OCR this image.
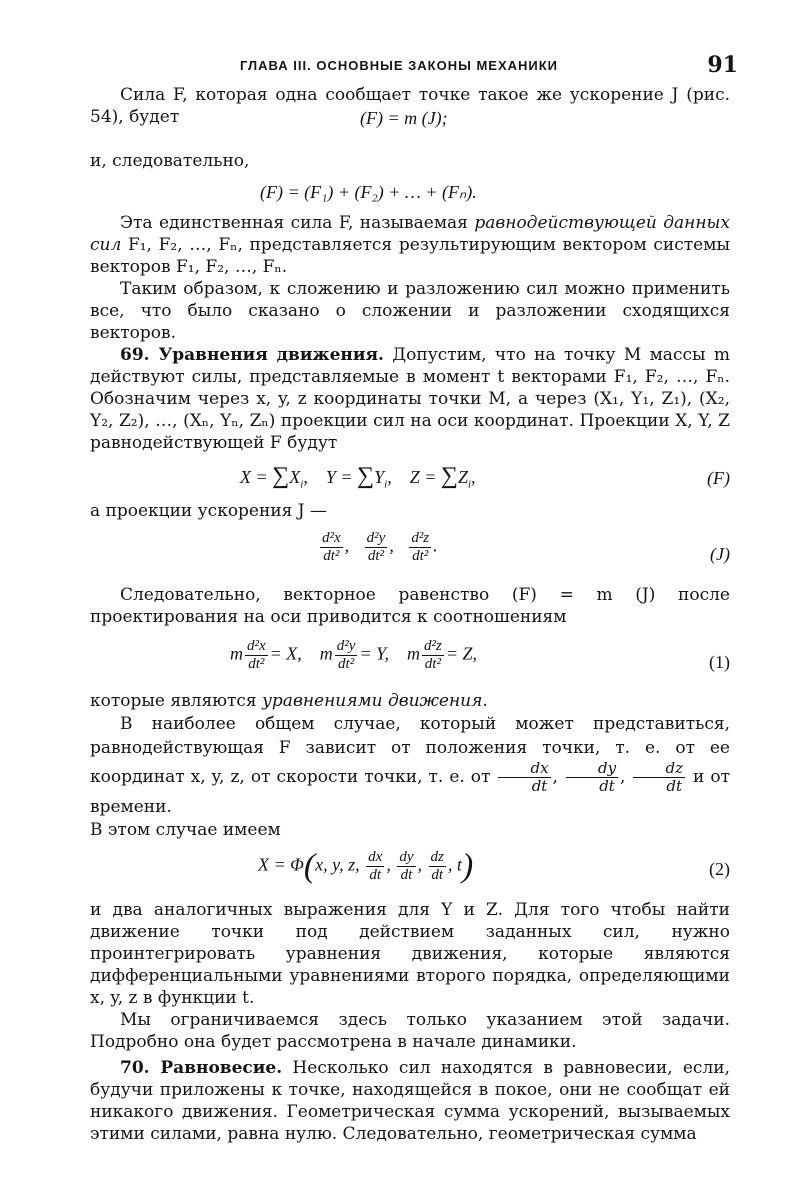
ГЛАВА III. ОСНОВНЫЕ ЗАКОНЫ МЕХАНИКИ	91

Сила F, которая одна сообщает точке такое же ускорение J (рис. 54), будет	(F) = m (J);

и, следовательно,

(F) = (F₁) + (F₂) + … + (Fₙ).

Эта единственная сила F, называемая равнодействующей данных сил F₁, F₂, …, Fₙ, представляется результирующим вектором системы векторов F₁, F₂, …, Fₙ.

Таким образом, к сложению и разложению сил можно применить все, что было сказано о сложении и разложении сходящихся векторов.

69. Уравнения движения. Допустим, что на точку M массы m действуют силы, представляемые в момент t векторами F₁, F₂, …, Fₙ. Обозначим через x, y, z координаты точки M, а через (X₁, Y₁, Z₁), (X₂, Y₂, Z₂), …, (Xₙ, Yₙ, Zₙ) проекции сил на оси координат. Проекции X, Y, Z равнодействующей F будут

$X = \sum X_i$,    $Y = \sum Y_i$,    $Z = \sum Z_i$,	(F)

а проекции ускорения J —

$\frac{\text{d²x}}{\text{dt²}}$ , $\frac{\text{d²y}}{\text{dt²}}$ , $\frac{\text{d²z}}{\text{dt²}}$ .	(J)

Следовательно, векторное равенство (F) = m (J) после проектирования на оси приводится к соотношениям

m $\frac{\text{d²x}}{\text{dt²}} = X$,    m $\frac{\text{d²y}}{\text{dt²}} = Y$,    m $\frac{\text{d²z}}{\text{dt²}} = Z$,	(1)

которые являются уравнениями движения.

В наиболее общем случае, который может представиться, равнодействующая F зависит от положения точки, т. е. от ее координат x, y, z, от скорости точки, т. е. от $\frac{dx}{dt}$ , $\frac{dy}{dt}$ , $\frac{dz}{dt}$ и от времени.

В этом случае имеем

X = Φ(x, y, z, $\frac{dx}{dt}$ , $\frac{dy}{dt}$ , $\frac{dz}{dt}$ , t)	(2)

и два аналогичных выражения для Y и Z. Для того чтобы найти движение точки под действием заданных сил, нужно проинтегрировать уравнения движения, которые являются дифференциальными уравнениями второго порядка, определяющими x, y, z в функции t.

Мы ограничиваемся здесь только указанием этой задачи. Подробно она будет рассмотрена в начале динамики.

70. Равновесие. Несколько сил находятся в равновесии, если, будучи приложены к точке, находящейся в покое, они не сообщат ей никакого движения. Геометрическая сумма ускорений, вызываемых этими силами, равна нулю. Следовательно, геометрическая сумма
